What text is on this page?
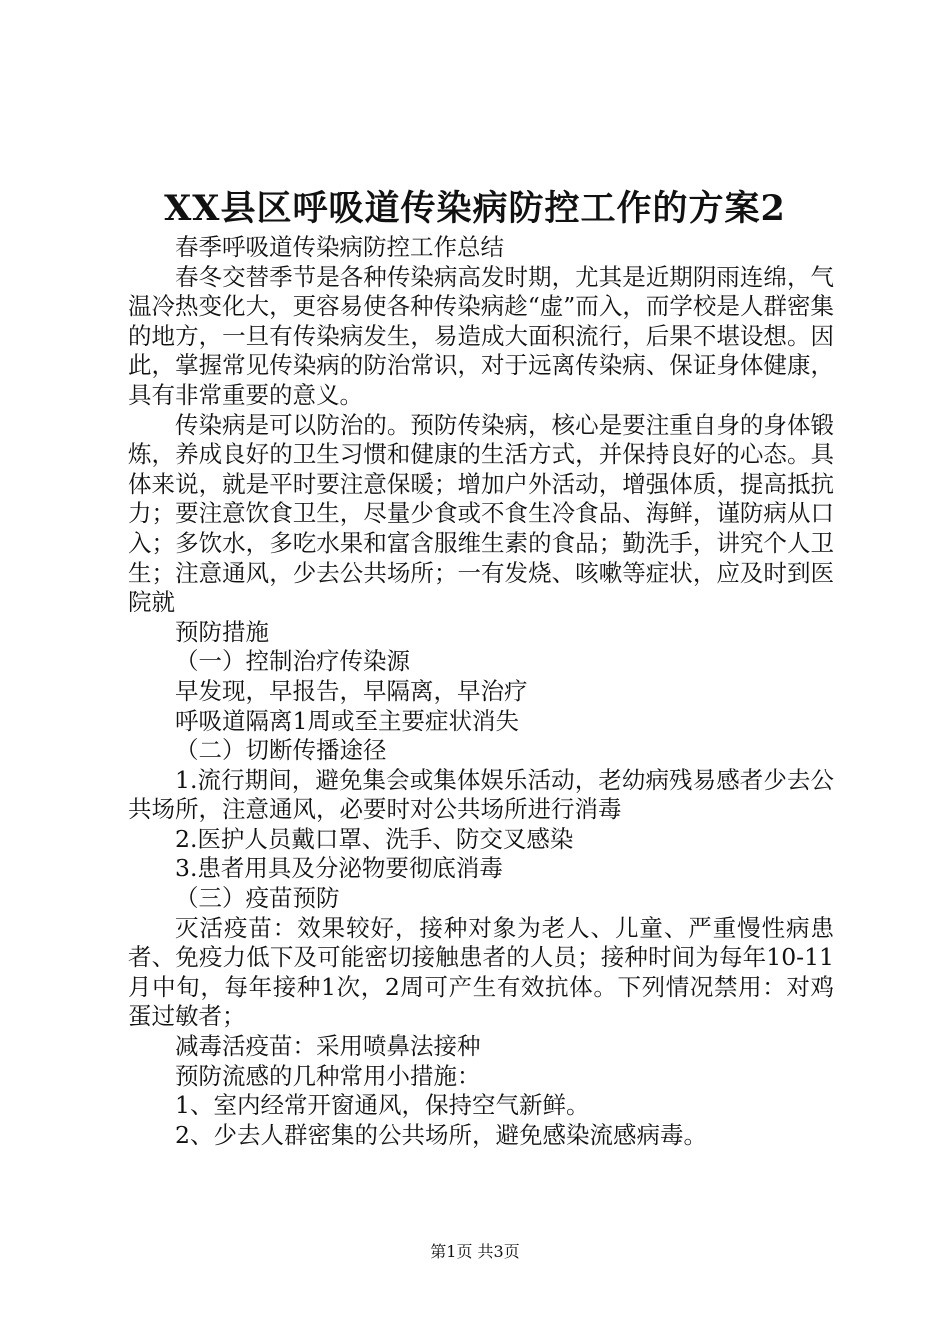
XX县区呼吸道传染病防控工作的方案2

春季呼吸道传染病防控工作总结

春冬交替季节是各种传染病高发时期，尤其是近期阴雨连绵，气温冷热变化大，更容易使各种传染病趁“虚”而入，而学校是人群密集的地方，一旦有传染病发生，易造成大面积流行，后果不堪设想。因此，掌握常见传染病的防治常识，对于远离传染病、保证身体健康，具有非常重要的意义。

传染病是可以防治的。预防传染病，核心是要注重自身的身体锻炼，养成良好的卫生习惯和健康的生活方式，并保持良好的心态。具体来说，就是平时要注意保暖；增加户外活动，增强体质，提高抵抗力；要注意饮食卫生，尽量少食或不食生冷食品、海鲜，谨防病从口入；多饮水，多吃水果和富含服维生素的食品；勤洗手，讲究个人卫生；注意通风，少去公共场所；一有发烧、咳嗽等症状，应及时到医院就

预防措施

（一）控制治疗传染源

早发现，早报告，早隔离，早治疗

呼吸道隔离1周或至主要症状消失

（二）切断传播途径

1.流行期间，避免集会或集体娱乐活动，老幼病残易感者少去公共场所，注意通风，必要时对公共场所进行消毒

2.医护人员戴口罩、洗手、防交叉感染

3.患者用具及分泌物要彻底消毒

（三）疫苗预防

灭活疫苗：效果较好，接种对象为老人、儿童、严重慢性病患者、免疫力低下及可能密切接触患者的人员；接种时间为每年10-11月中旬，每年接种1次，2周可产生有效抗体。下列情况禁用：对鸡蛋过敏者；

减毒活疫苗：采用喷鼻法接种

预防流感的几种常用小措施：

1、室内经常开窗通风，保持空气新鲜。

2、少去人群密集的公共场所，避免感染流感病毒。

第1页 共3页
